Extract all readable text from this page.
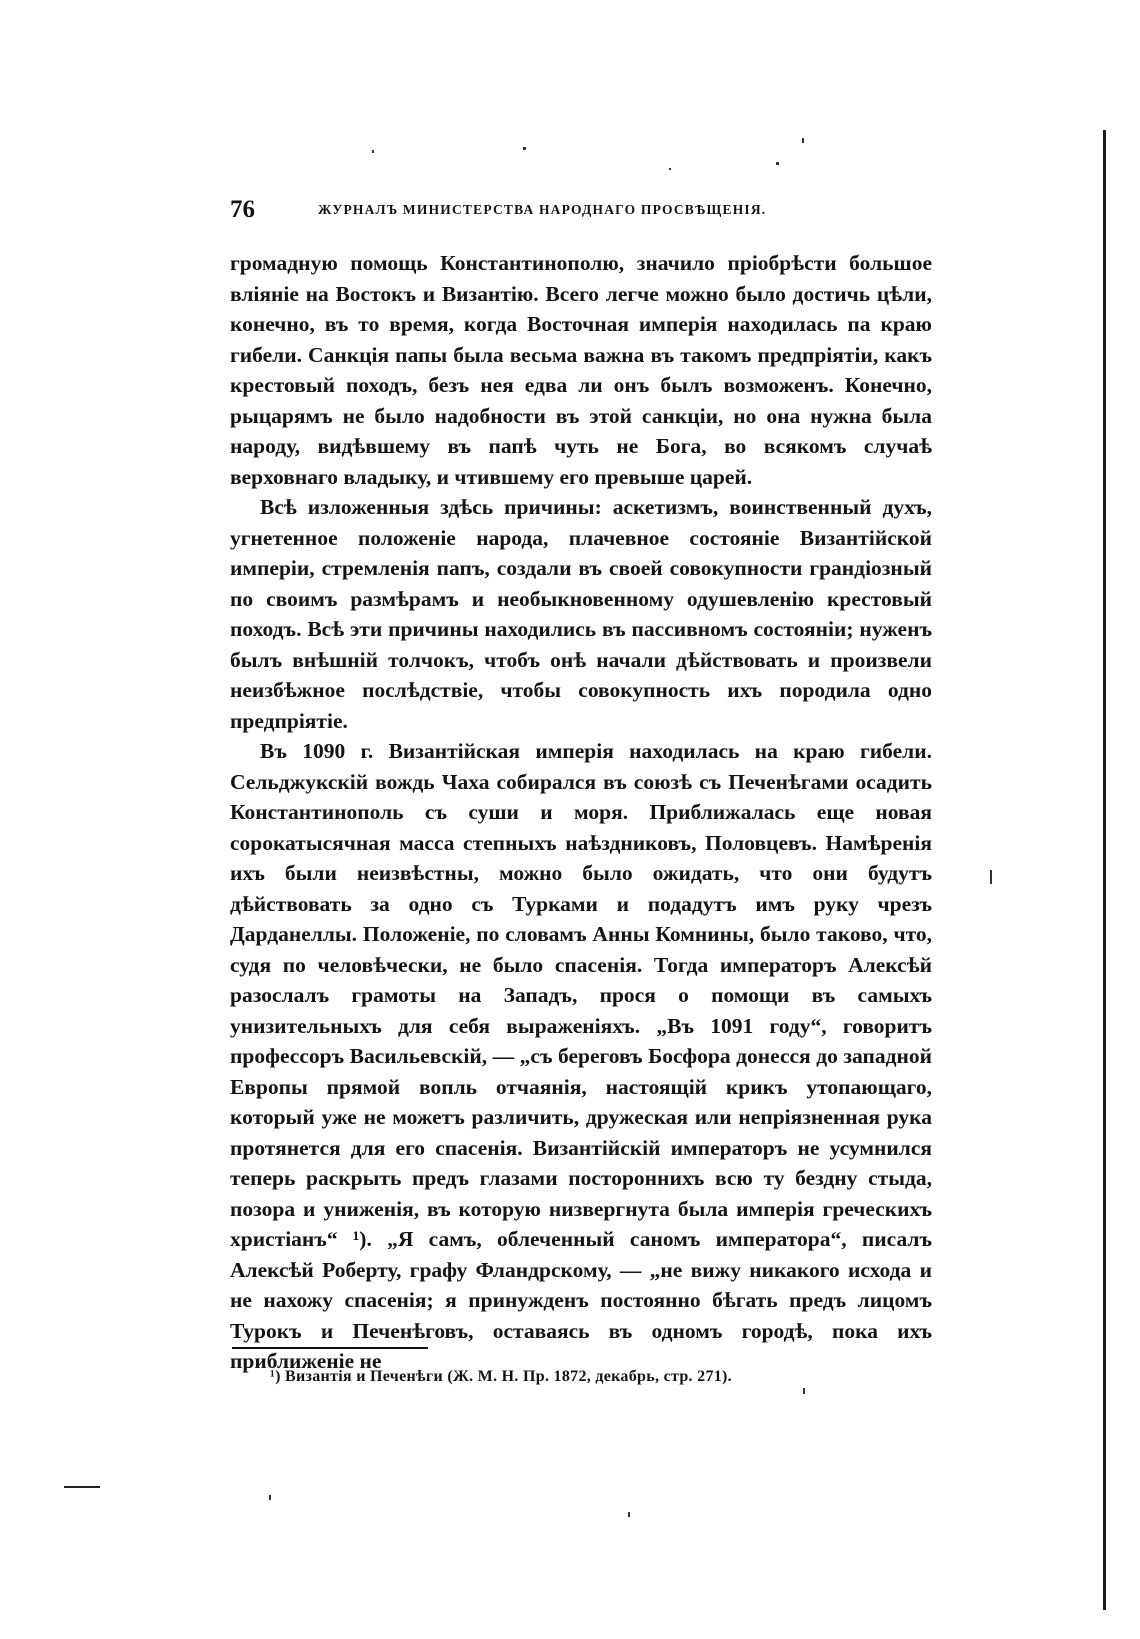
76	ЖУРНАЛЪ МИНИСТЕРСТВА НАРОДНАГО ПРОСВѢЩЕНІЯ.

громадную помощь Константинополю, значило пріобрѣсти большое вліяніе на Востокъ и Византію. Всего легче можно было достичь цѣли, конечно, въ то время, когда Восточная имперія находилась па краю гибели. Санкція папы была весьма важна въ такомъ предпріятіи, какъ крестовый походъ, безъ нея едва ли онъ былъ возможенъ. Конечно, рыцарямъ не было надобности въ этой санкціи, но она нужна была народу, видѣвшему въ папѣ чуть не Бога, во всякомъ случаѣ верховнаго владыку, и чтившему его превыше царей.

Всѣ изложенныя здѣсь причины: аскетизмъ, воинственный духъ, угнетенное положеніе народа, плачевное состояніе Византійской имперіи, стремленія папъ, создали въ своей совокупности грандіозный по своимъ размѣрамъ и необыкновенному одушевленію крестовый походъ. Всѣ эти причины находились въ пассивномъ состояніи; нуженъ былъ внѣшній толчокъ, чтобъ онѣ начали дѣйствовать и произвели неизбѣжное послѣдствіе, чтобы совокупность ихъ породила одно предпріятіе.

Въ 1090 г. Византійская имперія находилась на краю гибели. Сельджукскій вождь Чаха собирался въ союзѣ съ Печенѣгами осадить Константинополь съ суши и моря. Приближалась еще новая сорокатысячная масса степныхъ наѣздниковъ, Половцевъ. Намѣренія ихъ были неизвѣстны, можно было ожидать, что они будутъ дѣйствовать за одно съ Турками и подадутъ имъ руку чрезъ Дарданеллы. Положеніе, по словамъ Анны Комнины, было таково, что, судя по человѣчески, не было спасенія. Тогда императоръ Алексѣй разослалъ грамоты на Западъ, прося о помощи въ самыхъ унизительныхъ для себя выраженіяхъ. „Въ 1091 году“, говоритъ профессоръ Васильевскій, — „съ береговъ Босфора донесся до западной Европы прямой вопль отчаянія, настоящій крикъ утопающаго, который уже не можетъ различить, дружеская или непріязненная рука протянется для его спасенія. Византійскій императоръ не усумнился теперь раскрыть предъ глазами постороннихъ всю ту бездну стыда, позора и униженія, въ которую низвергнута была имперія греческихъ христіанъ“ ¹). „Я самъ, облеченный саномъ императора“, писалъ Алексѣй Роберту, графу Фландрскому, — „не вижу никакого исхода и не нахожу спасенія; я принужденъ постоянно бѣгать предъ лицомъ Турокъ и Печенѣговъ, оставаясь въ одномъ городѣ, пока ихъ приближеніе не

¹) Византія и Печенѣги (Ж. М. Н. Пр. 1872, декабрь, стр. 271).
